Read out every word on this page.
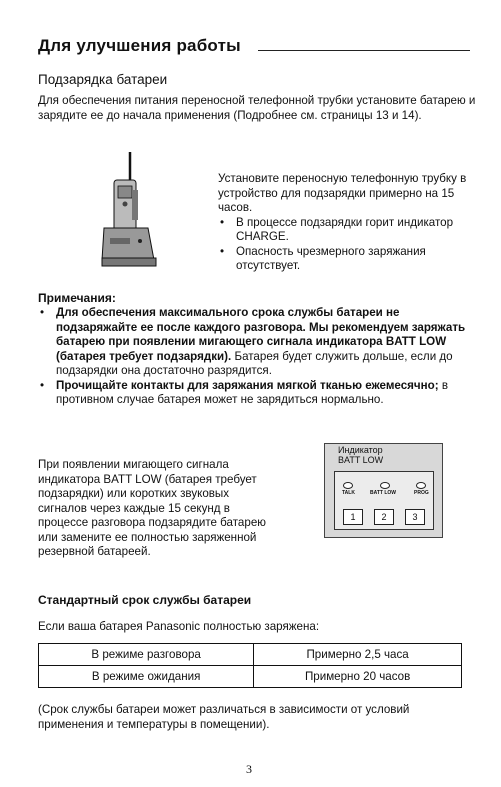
Для улучшения работы
Подзарядка батареи
Для обеспечения питания переносной телефонной трубки установите батарею и зарядите ее до начала применения (Подробнее см. страницы 13 и 14).
Установите переносную телефонную трубку в устройство для подзарядки примерно на 15 часов.
• В процессе подзарядки горит индикатор CHARGE.
• Опасность чрезмерного заряжания отсутствует.
Примечания:
• Для обеспечения максимального срока службы батареи не подзаряжайте ее после каждого разговора. Мы рекомендуем заряжать батарею при появлении мигающего сигнала индикатора BATT LOW (батарея требует подзарядки). Батарея будет служить дольше, если до подзарядки она достаточно разрядится.
• Прочищайте контакты для заряжания мягкой тканью ежемесячно; в противном случае батарея может не зарядиться нормально.
При появлении мигающего сигнала индикатора BATT LOW (батарея требует подзарядки) или коротких звуковых сигналов через каждые 15 секунд в процессе разговора подзарядите батарею или замените ее полностью заряженной резервной батареей.
Индикатор
BATT LOW
TALK	BATT LOW	PROG
1	2	3
Стандартный срок службы батареи
Если ваша батарея Panasonic полностью заряжена:
В режиме разговора	Примерно 2,5 часа
В режиме ожидания	Примерно 20 часов
(Срок службы батареи может различаться в зависимости от условий применения и температуры в помещении).
3
